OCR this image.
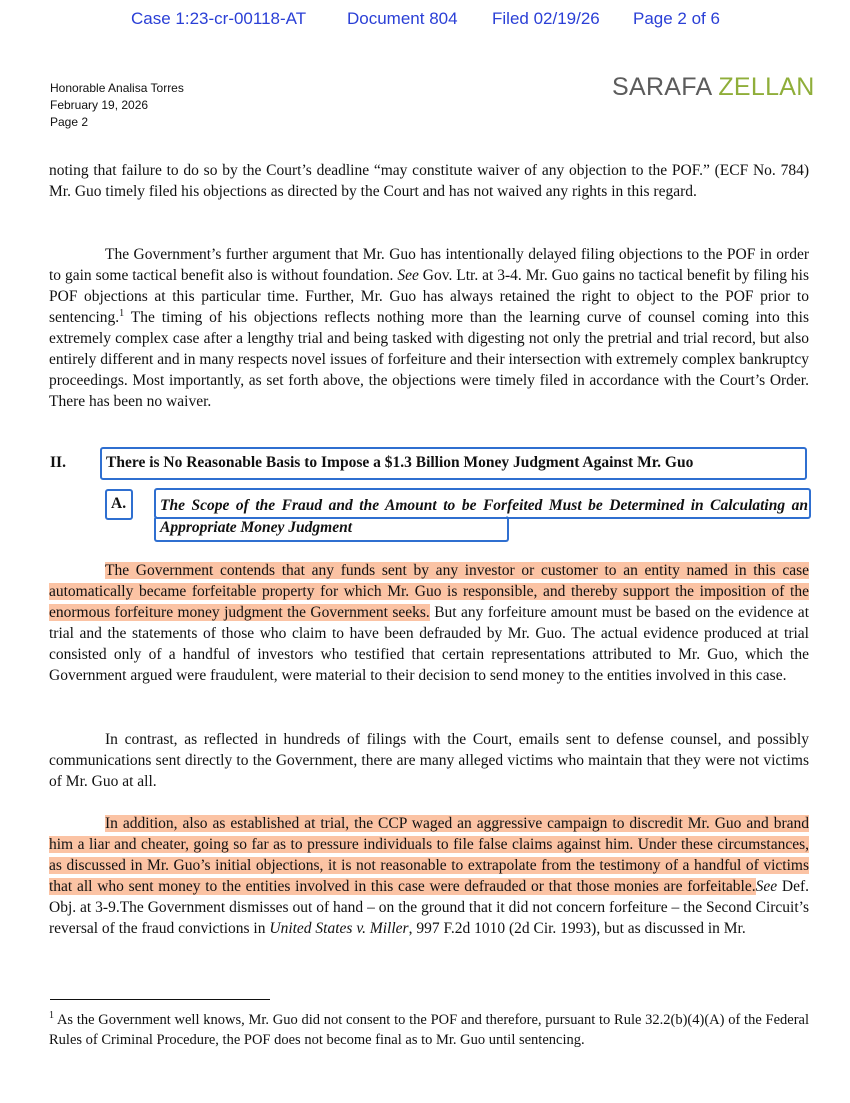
Case 1:23-cr-00118-AT Document 804 Filed 02/19/26 Page 2 of 6
Honorable Analisa Torres
February 19, 2026
Page 2
SARAFA ZELLAN

noting that failure to do so by the Court’s deadline “may constitute waiver of any objection to the POF.” (ECF No. 784) Mr. Guo timely filed his objections as directed by the Court and has not waived any rights in this regard.

The Government’s further argument that Mr. Guo has intentionally delayed filing objections to the POF in order to gain some tactical benefit also is without foundation. See Gov. Ltr. at 3-4. Mr. Guo gains no tactical benefit by filing his POF objections at this particular time. Further, Mr. Guo has always retained the right to object to the POF prior to sentencing.$^1$ The timing of his objections reflects nothing more than the learning curve of counsel coming into this extremely complex case after a lengthy trial and being tasked with digesting not only the pretrial and trial record, but also entirely different and in many respects novel issues of forfeiture and their intersection with extremely complex bankruptcy proceedings. Most importantly, as set forth above, the objections were timely filed in accordance with the Court’s Order. There has been no waiver.

II.	There is No Reasonable Basis to Impose a $1.3 Billion Money Judgment Against Mr. Guo
A. The Scope of the Fraud and the Amount to be Forfeited Must be Determined in Calculating an Appropriate Money Judgment

The Government contends that any funds sent by any investor or customer to an entity named in this case automatically became forfeitable property for which Mr. Guo is responsible, and thereby support the imposition of the enormous forfeiture money judgment the Government seeks. But any forfeiture amount must be based on the evidence at trial and the statements of those who claim to have been defrauded by Mr. Guo. The actual evidence produced at trial consisted only of a handful of investors who testified that certain representations attributed to Mr. Guo, which the Government argued were fraudulent, were material to their decision to send money to the entities involved in this case.

In contrast, as reflected in hundreds of filings with the Court, emails sent to defense counsel, and possibly communications sent directly to the Government, there are many alleged victims who maintain that they were not victims of Mr. Guo at all.

In addition, also as established at trial, the CCP waged an aggressive campaign to discredit Mr. Guo and brand him a liar and cheater, going so far as to pressure individuals to file false claims against him. Under these circumstances, as discussed in Mr. Guo’s initial objections, it is not reasonable to extrapolate from the testimony of a handful of victims that all who sent money to the entities involved in this case were defrauded or that those monies are forfeitable.See Def. Obj. at 3-9.The Government dismisses out of hand – on the ground that it did not concern forfeiture – the Second Circuit’s reversal of the fraud convictions in United States v. Miller, 997 F.2d 1010 (2d Cir. 1993), but as discussed in Mr.

$^1$ As the Government well knows, Mr. Guo did not consent to the POF and therefore, pursuant to Rule 32.2(b)(4)(A) of the Federal Rules of Criminal Procedure, the POF does not become final as to Mr. Guo until sentencing.
